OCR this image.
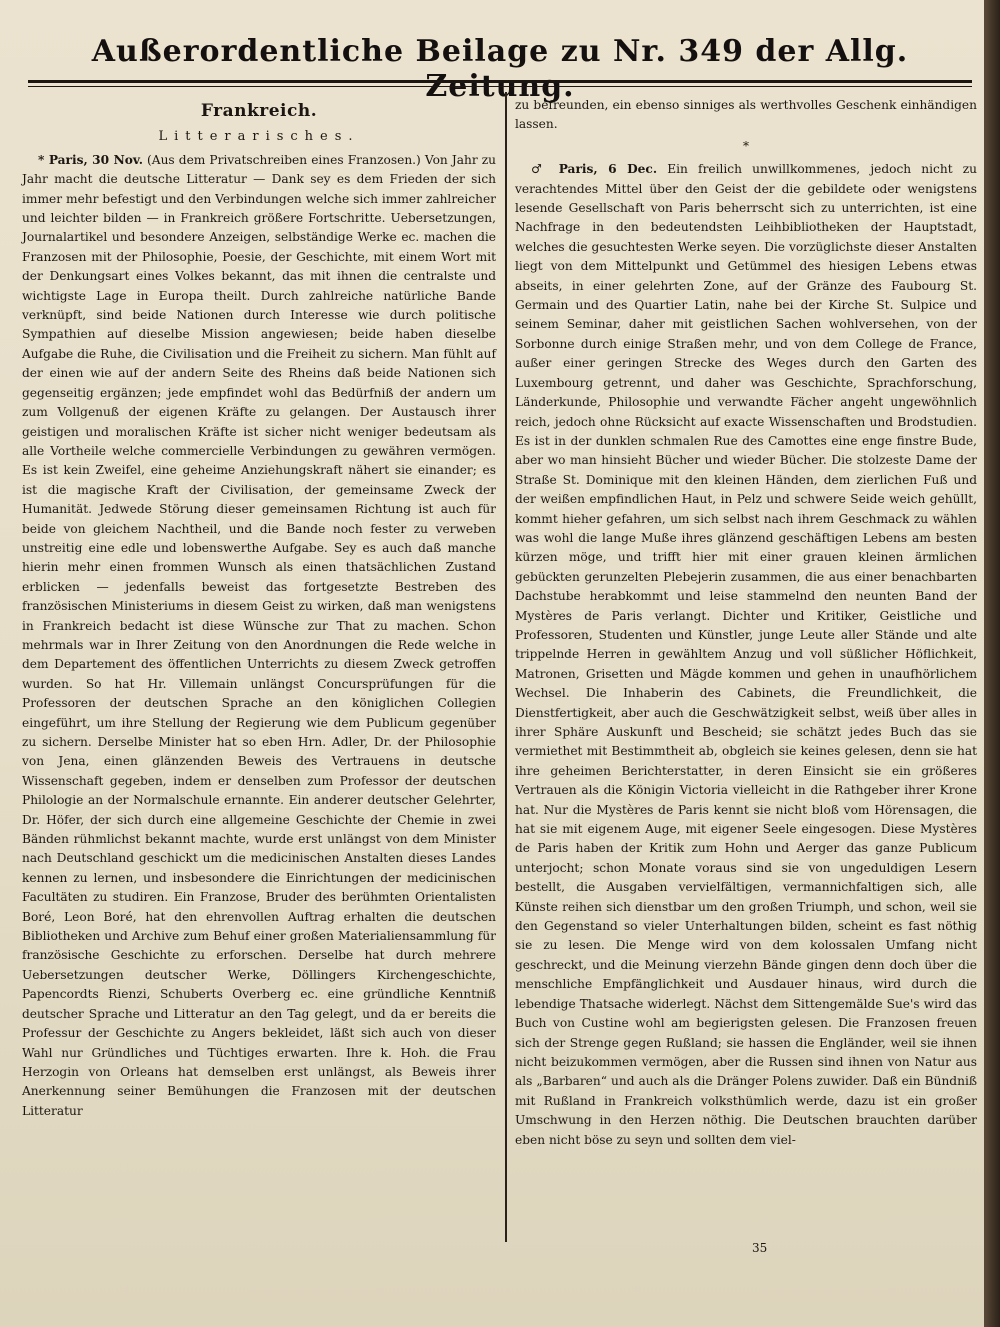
Außerordentliche Beilage zu Nr. 349 der Allg.
Frankreich.
Litterarisches.

* Paris, 30 Nov. (Aus dem Privatschreiben eines Franzosen.) Von Jahr zu Jahr macht die deutsche Litteratur — Dank sey es dem Frieden der sich immer mehr befestigt und den Verbindungen welche sich immer zahlreicher und leichter bilden — in Frankreich größere Fortschritte. Uebersetzungen, Journalartikel und besondere Anzeigen, selbständige Werke ec. machen die Franzosen mit der Philosophie, Poesie, der Geschichte, mit einem Wort mit der Denkungsart eines Volkes bekannt, das mit ihnen die centralste und wichtigste Lage in Europa theilt. Durch zahlreiche natürliche Bande verknüpft, sind beide Nationen durch Interesse wie durch politische Sympathien auf dieselbe Mission angewiesen; beide haben dieselbe Aufgabe die Ruhe, die Civilisation und die Freiheit zu sichern. Man fühlt auf der einen wie auf der andern Seite des Rheins daß beide Nationen sich gegenseitig ergänzen; jede empfindet wohl das Bedürfniß der andern um zum Vollgenuß der eigenen Kräfte zu gelangen. Der Austausch ihrer geistigen und moralischen Kräfte ist sicher nicht weniger bedeutsam als alle Vortheile welche commercielle Verbindungen zu gewähren vermögen. Es ist kein Zweifel, eine geheime Anziehungskraft nähert sie einander; es ist die magische Kraft der Civilisation, der gemeinsame Zweck der Humanität. Jedwede Störung dieser gemeinsamen Richtung ist auch für beide von gleichem Nachtheil, und die Bande noch fester zu verweben unstreitig eine edle und lobenswerthe Aufgabe. Sey es auch daß manche hierin mehr einen frommen Wunsch als einen thatsächlichen Zustand erblicken — jedenfalls beweist das fortgesetzte Bestreben des französischen Ministeriums in diesem Geist zu wirken, daß man wenigstens in Frankreich bedacht ist diese Wünsche zur That zu machen. Schon mehrmals war in Ihrer Zeitung von den Anordnungen die Rede welche in dem Departement des öffentlichen Unterrichts zu diesem Zweck getroffen wurden. So hat Hr. Villemain unlängst Concursprüfungen für die Professoren der deutschen Sprache an den königlichen Collegien eingeführt, um ihre Stellung der Regierung wie dem Publicum gegenüber zu sichern. Derselbe Minister hat so eben Hrn. Adler, Dr. der Philosophie von Jena, einen glänzenden Beweis des Vertrauens in deutsche Wissenschaft gegeben, indem er denselben zum Professor der deutschen Philologie an der Normalschule ernannte. Ein anderer deutscher Gelehrter, Dr. Höfer, der sich durch eine allgemeine Geschichte der Chemie in zwei Bänden rühmlichst bekannt machte, wurde erst unlängst von dem Minister nach Deutschland geschickt um die medicinischen Anstalten dieses Landes kennen zu lernen, und insbesondere die Einrichtungen der medicinischen Facultäten zu studiren. Ein Franzose, Bruder des berühmten Orientalisten Boré, Leon Boré, hat den ehrenvollen Auftrag erhalten die deutschen Bibliotheken und Archive zum Behuf einer großen Materialiensammlung für französische Geschichte zu erforschen. Derselbe hat durch mehrere Uebersetzungen deutscher Werke, Döllingers Kirchengeschichte, Papencordts Rienzi, Schuberts Overberg ec. eine gründliche Kenntniß deutscher Sprache und Litteratur an den Tag gelegt, und da er bereits die Professur der Geschichte zu Angers bekleidet, läßt sich auch von dieser Wahl nur Gründliches und Tüchtiges erwarten. Ihre k. Hoh. die Frau Herzogin von Orleans hat demselben erst unlängst, als Beweis ihrer Anerkennung seiner Bemühungen die Franzosen mit der deutschen Litteratur

zu befreunden, ein ebenso sinniges als werthvolles Geschenk einhändigen lassen.

*

♂ Paris, 6 Dec. Ein freilich unwillkommenes, jedoch nicht zu verachtendes Mittel über den Geist der die gebildete oder wenigstens lesende Gesellschaft von Paris beherrscht sich zu unterrichten, ist eine Nachfrage in den bedeutendsten Leihbibliotheken der Hauptstadt, welches die gesuchtesten Werke seyen. Die vorzüglichste dieser Anstalten liegt von dem Mittelpunkt und Getümmel des hiesigen Lebens etwas abseits, in einer gelehrten Zone, auf der Gränze des Faubourg St. Germain und des Quartier Latin, nahe bei der Kirche St. Sulpice und seinem Seminar, daher mit geistlichen Sachen wohlversehen, von der Sorbonne durch einige Straßen mehr, und von dem College de France, außer einer geringen Strecke des Weges durch den Garten des Luxembourg getrennt, und daher was Geschichte, Sprachforschung, Länderkunde, Philosophie und verwandte Fächer angeht ungewöhnlich reich, jedoch ohne Rücksicht auf exacte Wissenschaften und Brodstudien. Es ist in der dunklen schmalen Rue des Camottes eine enge finstre Bude, aber wo man hinsieht Bücher und wieder Bücher. Die stolzeste Dame der Straße St. Dominique mit den kleinen Händen, dem zierlichen Fuß und der weißen empfindlichen Haut, in Pelz und schwere Seide weich gehüllt, kommt hieher gefahren, um sich selbst nach ihrem Geschmack zu wählen was wohl die lange Muße ihres glänzend geschäftigen Lebens am besten kürzen möge, und trifft hier mit einer grauen kleinen ärmlichen gebückten gerunzelten Plebejerin zusammen, die aus einer benachbarten Dachstube herabkommt und leise stammelnd den neunten Band der Mystères de Paris verlangt. Dichter und Kritiker, Geistliche und Professoren, Studenten und Künstler, junge Leute aller Stände und alte trippelnde Herren in gewähltem Anzug und voll süßlicher Höflichkeit, Matronen, Grisetten und Mägde kommen und gehen in unaufhörlichem Wechsel. Die Inhaberin des Cabinets, die Freundlichkeit, die Dienstfertigkeit, aber auch die Geschwätzigkeit selbst, weiß über alles in ihrer Sphäre Auskunft und Bescheid; sie schätzt jedes Buch das sie vermiethet mit Bestimmtheit ab, obgleich sie keines gelesen, denn sie hat ihre geheimen Berichterstatter, in deren Einsicht sie ein größeres Vertrauen als die Königin Victoria vielleicht in die Rathgeber ihrer Krone hat. Nur die Mystères de Paris kennt sie nicht bloß vom Hörensagen, die hat sie mit eigenem Auge, mit eigener Seele eingesogen. Diese Mystères de Paris haben der Kritik zum Hohn und Aerger das ganze Publicum unterjocht; schon Monate voraus sind sie von ungeduldigen Lesern bestellt, die Ausgaben vervielfältigen, vermannichfaltigen sich, alle Künste reihen sich dienstbar um den großen Triumph, und schon, weil sie den Gegenstand so vieler Unterhaltungen bilden, scheint es fast nöthig sie zu lesen. Die Menge wird von dem kolossalen Umfang nicht geschreckt, und die Meinung vierzehn Bände gingen denn doch über die menschliche Empfänglichkeit und Ausdauer hinaus, wird durch die lebendige Thatsache widerlegt. Nächst dem Sittengemälde Sue's wird das Buch von Custine wohl am begierigsten gelesen. Die Franzosen freuen sich der Strenge gegen Rußland; sie hassen die Engländer, weil sie ihnen nicht beizukommen vermögen, aber die Russen sind ihnen von Natur aus als „Barbaren“ und auch als die Dränger Polens zuwider. Daß ein Bündniß mit Rußland in Frankreich volksthümlich werde, dazu ist ein großer Umschwung in den Herzen nöthig. Die Deutschen brauchten darüber eben nicht böse zu seyn und sollten dem viel-

35
